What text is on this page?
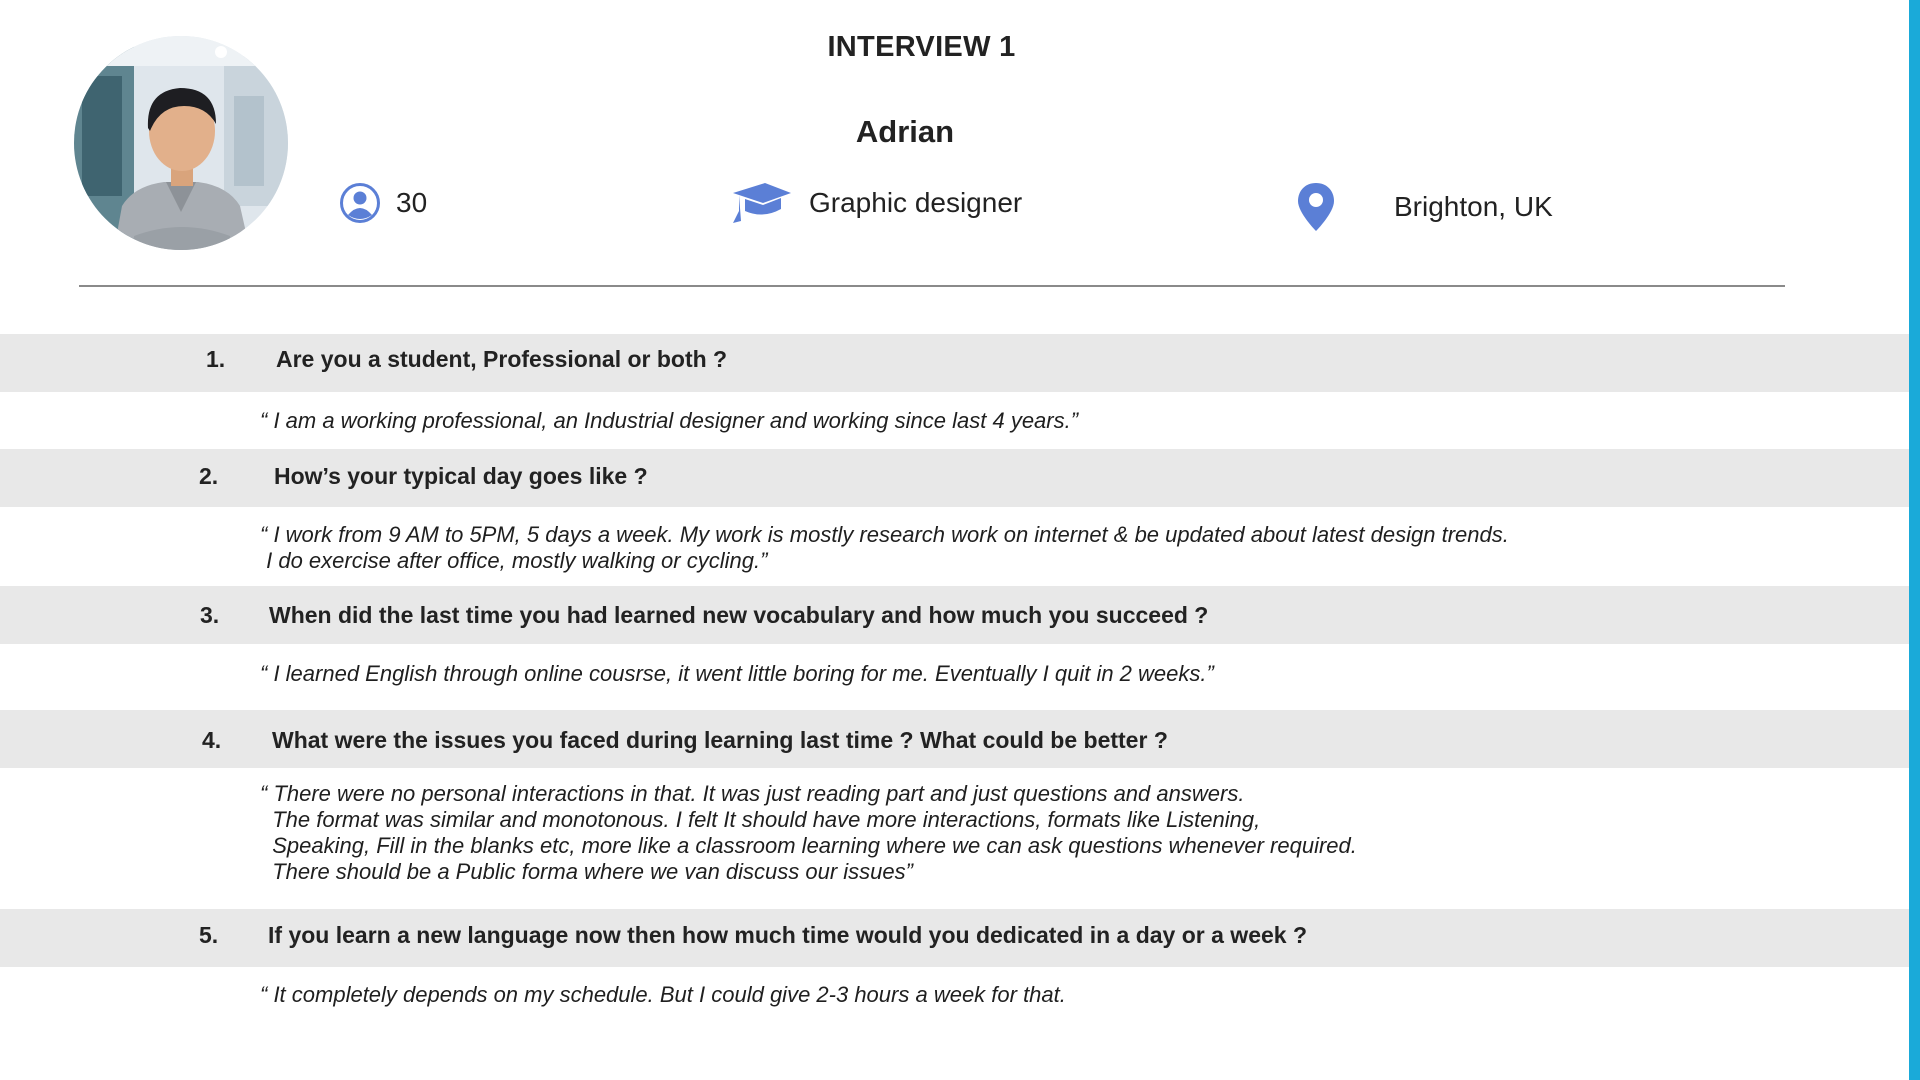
INTERVIEW 1
Adrian
30	Graphic designer	Brighton, UK
1. Are you a student, Professional or both ?
“ I am a working professional, an Industrial designer and working since last 4 years.”
2. How’s your typical day goes like ?
“ I work from 9 AM to 5PM, 5 days a week. My work is mostly research work on internet & be updated about latest design trends.
I do exercise after office, mostly walking or cycling.”
3. When did the last time you had learned new vocabulary and how much you succeed ?
“ I learned English through online cousrse, it went little boring for me. Eventually I quit in 2 weeks.”
4. What were the issues you faced during learning last time ? What could be better ?
“ There were no personal interactions in that. It was just reading part and just questions and answers.
The format was similar and monotonous. I felt It should have more interactions, formats like Listening,
Speaking, Fill in the blanks etc, more like a classroom learning where we can ask questions whenever required.
There should be a Public forma where we van discuss our issues”
5. If you learn a new language now then how much time would you dedicated in a day or a week ?
“ It completely depends on my schedule. But I could give 2-3 hours a week for that.
